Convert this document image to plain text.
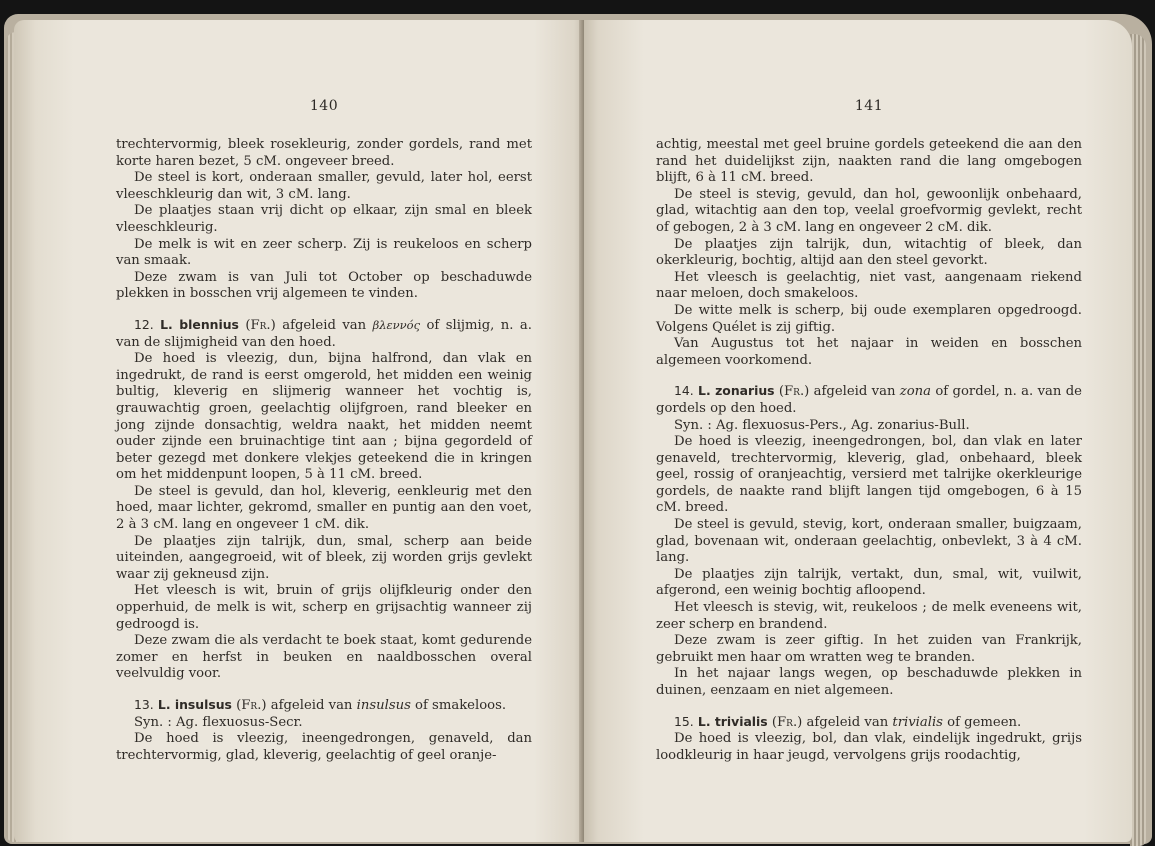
140

trechtervormig, bleek rosekleurig, zonder gordels, rand met korte haren bezet, 5 cM. ongeveer breed.

De steel is kort, onderaan smaller, gevuld, later hol, eerst vleeschkleurig dan wit, 3 cM. lang.

De plaatjes staan vrij dicht op elkaar, zijn smal en bleek vleeschkleurig.

De melk is wit en zeer scherp. Zij is reukeloos en scherp van smaak.

Deze zwam is van Juli tot October op beschaduwde plekken in bosschen vrij algemeen te vinden.

12. L. blennius (Fr.) afgeleid van βλεννός of slijmig, n. a. van de slijmigheid van den hoed.

De hoed is vleezig, dun, bijna halfrond, dan vlak en ingedrukt, de rand is eerst omgerold, het midden een weinig bultig, kleverig en slijmerig wanneer het vochtig is, grauwachtig groen, geelachtig olijfgroen, rand bleeker en jong zijnde donsachtig, weldra naakt, het midden neemt ouder zijnde een bruinachtige tint aan ; bijna gegordeld of beter gezegd met donkere vlekjes geteekend die in kringen om het middenpunt loopen, 5 à 11 cM. breed.

De steel is gevuld, dan hol, kleverig, eenkleurig met den hoed, maar lichter, gekromd, smaller en puntig aan den voet, 2 à 3 cM. lang en ongeveer 1 cM. dik.

De plaatjes zijn talrijk, dun, smal, scherp aan beide uiteinden, aangegroeid, wit of bleek, zij worden grijs gevlekt waar zij gekneusd zijn.

Het vleesch is wit, bruin of grijs olijfkleurig onder den opperhuid, de melk is wit, scherp en grijsachtig wanneer zij gedroogd is.

Deze zwam die als verdacht te boek staat, komt gedurende zomer en herfst in beuken en naaldbosschen overal veelvuldig voor.

13. L. insulsus (Fr.) afgeleid van insulsus of smakeloos.

Syn. : Ag. flexuosus-Secr.

De hoed is vleezig, ineengedrongen, genaveld, dan trechtervormig, glad, kleverig, geelachtig of geel oranje-

141

achtig, meestal met geel bruine gordels geteekend die aan den rand het duidelijkst zijn, naakten rand die lang omgebogen blijft, 6 à 11 cM. breed.

De steel is stevig, gevuld, dan hol, gewoonlijk onbehaard, glad, witachtig aan den top, veelal groefvormig gevlekt, recht of gebogen, 2 à 3 cM. lang en ongeveer 2 cM. dik.

De plaatjes zijn talrijk, dun, witachtig of bleek, dan okerkleurig, bochtig, altijd aan den steel gevorkt.

Het vleesch is geelachtig, niet vast, aangenaam riekend naar meloen, doch smakeloos.

De witte melk is scherp, bij oude exemplaren opgedroogd. Volgens Quélet is zij giftig.

Van Augustus tot het najaar in weiden en bosschen algemeen voorkomend.

14. L. zonarius (Fr.) afgeleid van zona of gordel, n. a. van de gordels op den hoed.

Syn. : Ag. flexuosus-Pers., Ag. zonarius-Bull.

De hoed is vleezig, ineengedrongen, bol, dan vlak en later genaveld, trechtervormig, kleverig, glad, onbehaard, bleek geel, rossig of oranjeachtig, versierd met talrijke okerkleurige gordels, de naakte rand blijft langen tijd omgebogen, 6 à 15 cM. breed.

De steel is gevuld, stevig, kort, onderaan smaller, buigzaam, glad, bovenaan wit, onderaan geelachtig, onbevlekt, 3 à 4 cM. lang.

De plaatjes zijn talrijk, vertakt, dun, smal, wit, vuilwit, afgerond, een weinig bochtig afloopend.

Het vleesch is stevig, wit, reukeloos ; de melk eveneens wit, zeer scherp en brandend.

Deze zwam is zeer giftig. In het zuiden van Frankrijk, gebruikt men haar om wratten weg te branden.

In het najaar langs wegen, op beschaduwde plekken in duinen, eenzaam en niet algemeen.

15. L. trivialis (Fr.) afgeleid van trivialis of gemeen.

De hoed is vleezig, bol, dan vlak, eindelijk ingedrukt, grijs loodkleurig in haar jeugd, vervolgens grijs roodachtig,
